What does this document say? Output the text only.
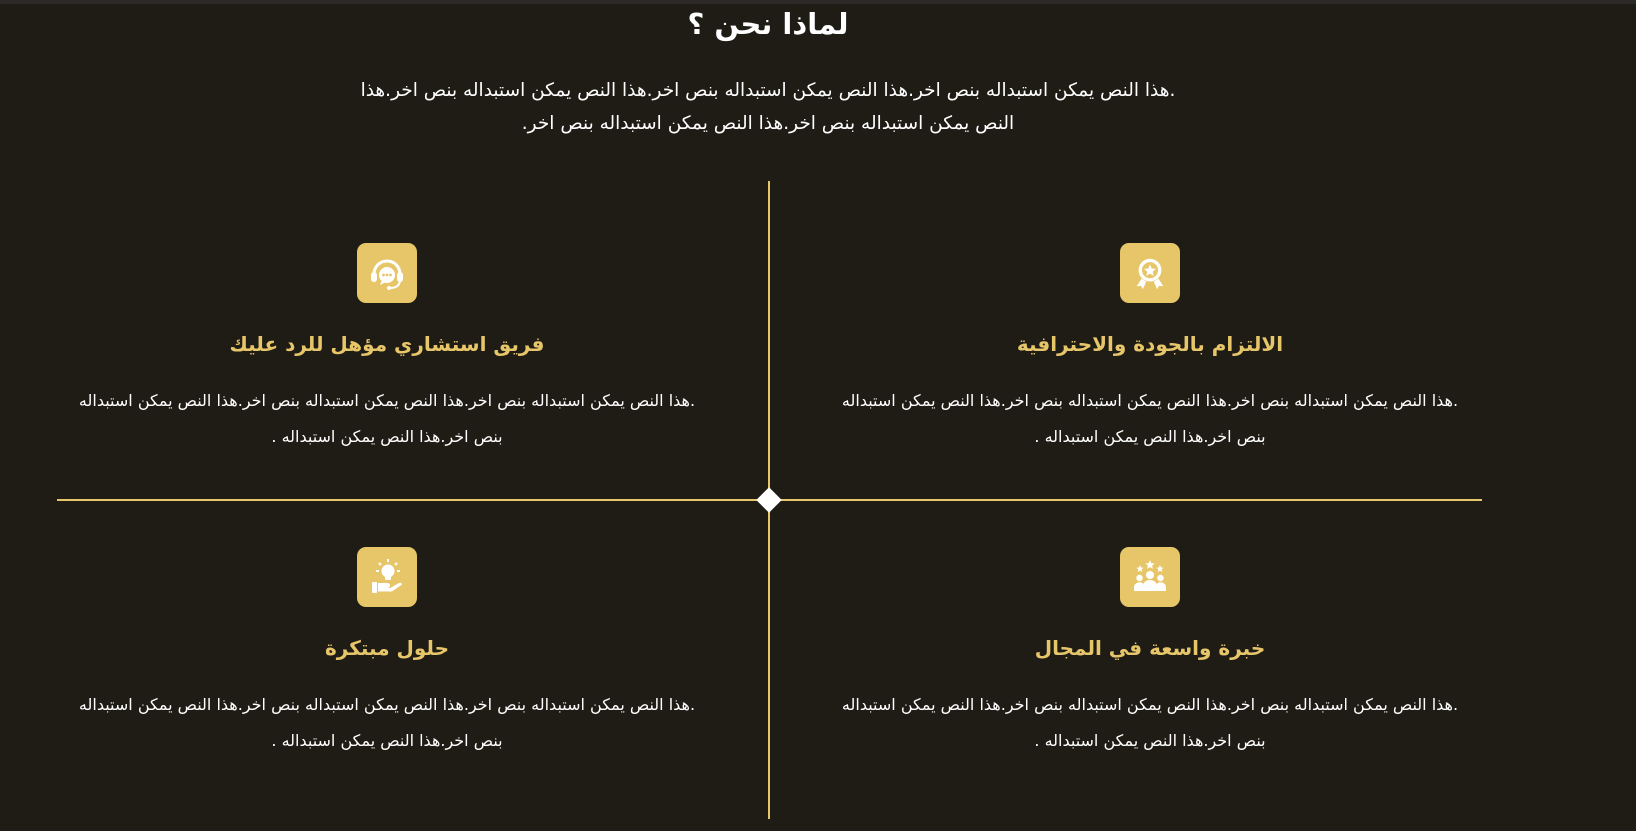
لماذا نحن ؟

.هذا النص يمكن استبداله بنص اخر.هذا النص يمكن استبداله بنص اخر.هذا النص يمكن استبداله بنص اخر.هذا النص يمكن استبداله بنص اخر.هذا النص يمكن استبداله بنص اخر.

الالتزام بالجودة والاحترافية

.هذا النص يمكن استبداله بنص اخر.هذا النص يمكن استبداله بنص اخر.هذا النص يمكن استبداله بنص اخر.هذا النص يمكن استبداله .

فريق استشاري مؤهل للرد عليك

.هذا النص يمكن استبداله بنص اخر.هذا النص يمكن استبداله بنص اخر.هذا النص يمكن استبداله بنص اخر.هذا النص يمكن استبداله .

خبرة واسعة في المجال

.هذا النص يمكن استبداله بنص اخر.هذا النص يمكن استبداله بنص اخر.هذا النص يمكن استبداله بنص اخر.هذا النص يمكن استبداله .

حلول مبتكرة

.هذا النص يمكن استبداله بنص اخر.هذا النص يمكن استبداله بنص اخر.هذا النص يمكن استبداله بنص اخر.هذا النص يمكن استبداله .
